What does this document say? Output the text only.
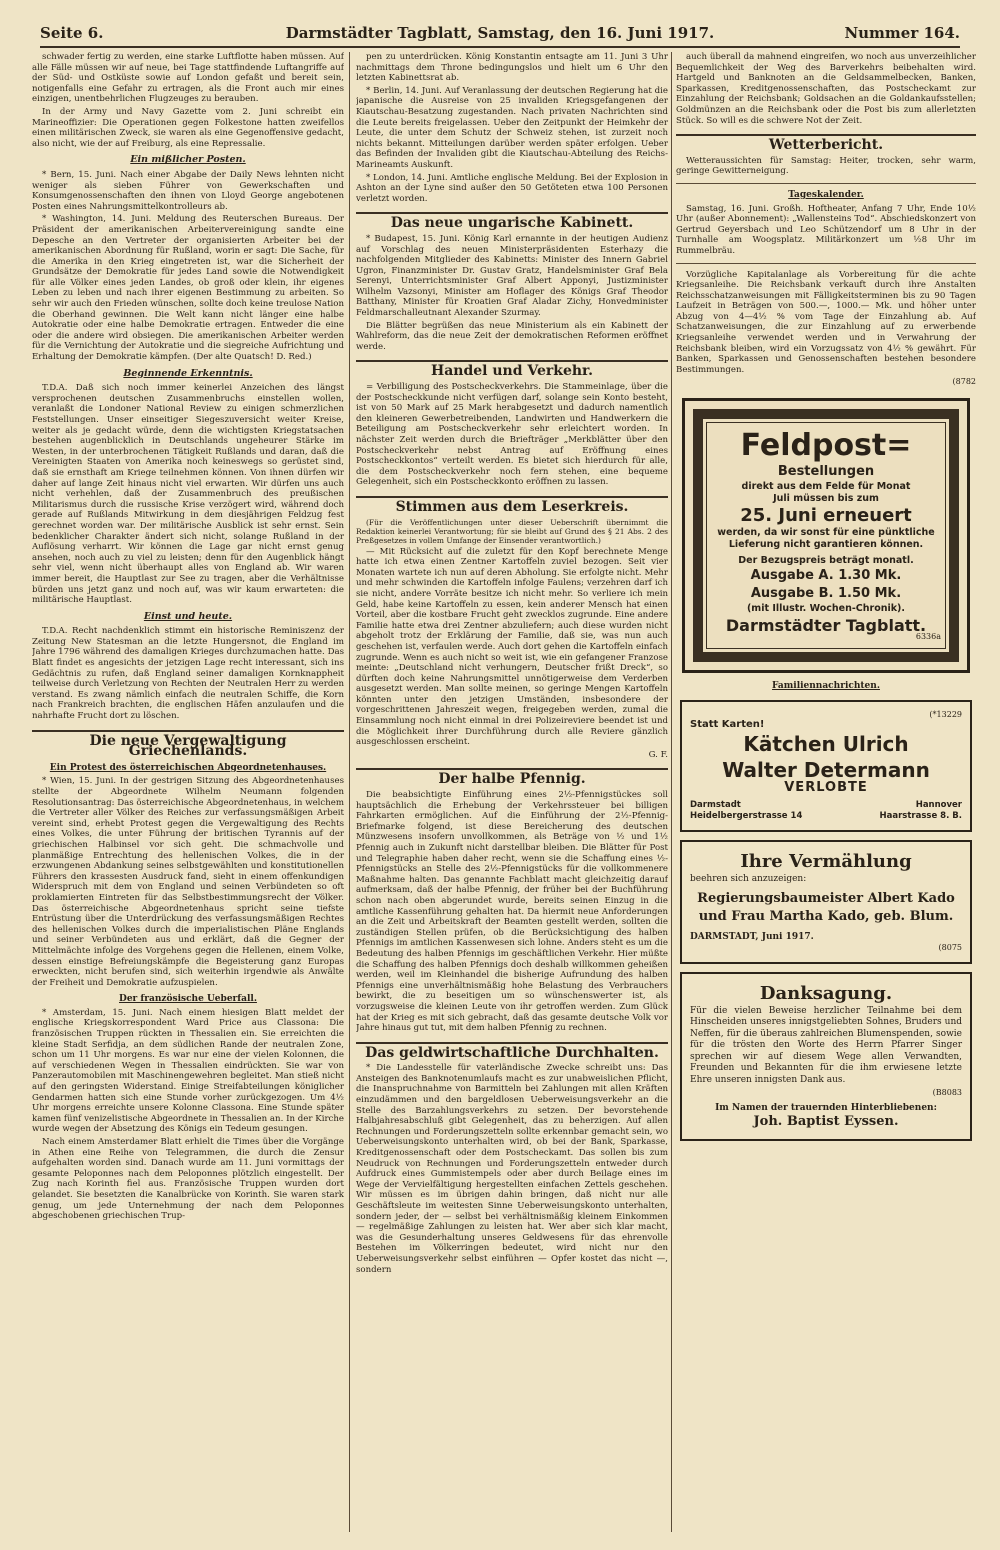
Seite 6.	Darmstädter Tagblatt, Samstag, den 16. Juni 1917.	Nummer 164.

schwader fertig zu werden, eine starke Luftflotte haben müssen. Auf alle Fälle müssen wir auf neue, bei Tage stattfindende Luftangriffe auf der Süd- und Ostküste sowie auf London gefaßt und bereit sein, notigenfalls eine Gefahr zu ertragen, als die Front auch mir eines einzigen, unentbehrlichen Flugzeuges zu berauben.

In der Army und Navy Gazette vom 2. Juni schreibt ein Marineoffizier: Die Operationen gegen Folkestone hatten zweifellos einen militärischen Zweck, sie waren als eine Gegenoffensive gedacht, also nicht, wie der auf Freiburg, als eine Repressalie.

Ein mißlicher Posten.

* Bern, 15. Juni. Nach einer Abgabe der Daily News lehnten nicht weniger als sieben Führer von Gewerkschaften und Konsumgenossenschaften den ihnen von Lloyd George angebotenen Posten eines Nahrungsmittelkontrolleurs ab.

* Washington, 14. Juni. Meldung des Reuterschen Bureaus. Der Präsident der amerikanischen Arbeitervereinigung sandte eine Depesche an den Vertreter der organisierten Arbeiter bei der amerikanischen Abordnung für Rußland, worin er sagt: Die Sache, für die Amerika in den Krieg eingetreten ist, war die Sicherheit der Grundsätze der Demokratie für jedes Land sowie die Notwendigkeit für alle Völker eines jeden Landes, ob groß oder klein, ihr eigenes Leben zu leben und nach ihrer eigenen Bestimmung zu arbeiten. So sehr wir auch den Frieden wünschen, sollte doch keine treulose Nation die Oberhand gewinnen. Die Welt kann nicht länger eine halbe Autokratie oder eine halbe Demokratie ertragen. Entweder die eine oder die andere wird obsiegen. Die amerikanischen Arbeiter werden für die Vernichtung der Autokratie und die siegreiche Aufrichtung und Erhaltung der Demokratie kämpfen. (Der alte Quatsch! D. Red.)

Beginnende Erkenntnis.

T.D.A. Daß sich noch immer keinerlei Anzeichen des längst versprochenen deutschen Zusammenbruchs einstellen wollen, veranlaßt die Londoner National Review zu einigen schmerzlichen Feststellungen. Unser einseitiger Siegeszuversicht weiter Kreise, weiter als je gedacht würde, denn die wichtigsten Kriegstatsachen bestehen augenblicklich in Deutschlands ungeheurer Stärke im Westen, in der unterbrochenen Tätigkeit Rußlands und daran, daß die Vereinigten Staaten von Amerika noch keineswegs so gerüstet sind, daß sie ernsthaft am Kriege teilnehmen können. Von ihnen dürfen wir daher auf lange Zeit hinaus nicht viel erwarten. Wir dürfen uns auch nicht verhehlen, daß der Zusammenbruch des preußischen Militarismus durch die russische Krise verzögert wird, während doch gerade auf Rußlands Mitwirkung in dem diesjährigen Feldzug fest gerechnet worden war. Der militärische Ausblick ist sehr ernst. Sein bedenklicher Charakter ändert sich nicht, solange Rußland in der Auflösung verharrt. Wir können die Lage gar nicht ernst genug ansehen, noch auch zu viel zu leisten; denn für den Augenblick hängt sehr viel, wenn nicht überhaupt alles von England ab. Wir waren immer bereit, die Hauptlast zur See zu tragen, aber die Verhältnisse bürden uns jetzt ganz und noch auf, was wir kaum erwarteten: die militärische Hauptlast.

Einst und heute.

T.D.A. Recht nachdenklich stimmt ein historische Reminiszenz der Zeitung New Statesman an die letzte Hungersnot, die England im Jahre 1796 während des damaligen Krieges durchzumachen hatte. Das Blatt findet es angesichts der jetzigen Lage recht interessant, sich ins Gedächtnis zu rufen, daß England seiner damaligen Kornknappheit teilweise durch Verletzung von Rechten der Neutralen Herr zu werden verstand. Es zwang nämlich einfach die neutralen Schiffe, die Korn nach Frankreich brachten, die englischen Häfen anzulaufen und die nahrhafte Frucht dort zu löschen.

Die neue Vergewaltigung Griechenlands.
Ein Protest des österreichischen Abgeordnetenhauses.

* Wien, 15. Juni. In der gestrigen Sitzung des Abgeordnetenhauses stellte der Abgeordnete Wilhelm Neumann folgenden Resolutionsantrag: Das österreichische Abgeordnetenhaus, in welchem die Vertreter aller Völker des Reiches zur verfassungsmäßigen Arbeit vereint sind, erhebt Protest gegen die Vergewaltigung des Rechts eines Volkes, die unter Führung der britischen Tyrannis auf der griechischen Halbinsel vor sich geht. Die schmachvolle und planmäßige Entrechtung des hellenischen Volkes, die in der erzwungenen Abdankung seines selbstgewählten und konstitutionellen Führers den krassesten Ausdruck fand, sieht in einem offenkundigen Widerspruch mit dem von England und seinen Verbündeten so oft proklamierten Eintreten für das Selbstbestimmungsrecht der Völker. Das österreichische Abgeordnetenhaus spricht seine tiefste Entrüstung über die Unterdrückung des verfassungsmäßigen Rechtes des hellenischen Volkes durch die imperialistischen Pläne Englands und seiner Verbündeten aus und erklärt, daß die Gegner der Mittelmächte infolge des Vorgehens gegen die Hellenen, einem Volke, dessen einstige Befreiungskämpfe die Begeisterung ganz Europas erweckten, nicht berufen sind, sich weiterhin irgendwie als Anwälte der Freiheit und Demokratie aufzuspielen.

Der französische Ueberfall.

* Amsterdam, 15. Juni. Nach einem hiesigen Blatt meldet der englische Kriegskorrespondent Ward Price aus Classona: Die französischen Truppen rückten in Thessalien ein. Sie erreichten die kleine Stadt Serfidja, an dem südlichen Rande der neutralen Zone, schon um 11 Uhr morgens. Es war nur eine der vielen Kolonnen, die auf verschiedenen Wegen in Thessalien eindrückten. Sie war von Panzerautomobilen mit Maschinengewehren begleitet. Man stieß nicht auf den geringsten Widerstand. Einige Streifabteilungen königlicher Gendarmen hatten sich eine Stunde vorher zurückgezogen. Um 4½ Uhr morgens erreichte unsere Kolonne Classona. Eine Stunde später kamen fünf venizelistische Abgeordnete in Thessalien an. In der Kirche wurde wegen der Absetzung des Königs ein Tedeum gesungen.

Nach einem Amsterdamer Blatt erhielt die Times über die Vorgänge in Athen eine Reihe von Telegrammen, die durch die Zensur aufgehalten worden sind. Danach wurde am 11. Juni vormittags der gesamte Peloponnes nach dem Peloponnes plötzlich eingestellt. Der Zug nach Korinth fiel aus. Französische Truppen wurden dort gelandet. Sie besetzten die Kanalbrücke von Korinth. Sie waren stark genug, um jede Unternehmung der nach dem Peloponnes abgeschobenen griechischen Trup-

pen zu unterdrücken. König Konstantin entsagte am 11. Juni 3 Uhr nachmittags dem Throne bedingungslos und hielt um 6 Uhr den letzten Kabinettsrat ab.

* Berlin, 14. Juni. Auf Veranlassung der deutschen Regierung hat die japanische die Ausreise von 25 invaliden Kriegsgefangenen der Kiautschau-Besatzung zugestanden. Nach privaten Nachrichten sind die Leute bereits freigelassen. Ueber den Zeitpunkt der Heimkehr der Leute, die unter dem Schutz der Schweiz stehen, ist zurzeit noch nichts bekannt. Mitteilungen darüber werden später erfolgen. Ueber das Befinden der Invaliden gibt die Kiautschau-Abteilung des Reichs-Marineamts Auskunft.

* London, 14. Juni. Amtliche englische Meldung. Bei der Explosion in Ashton an der Lyne sind außer den 50 Getöteten etwa 100 Personen verletzt worden.

Das neue ungarische Kabinett.

* Budapest, 15. Juni. König Karl ernannte in der heutigen Audienz auf Vorschlag des neuen Ministerpräsidenten Esterhazy die nachfolgenden Mitglieder des Kabinetts: Minister des Innern Gabriel Ugron, Finanzminister Dr. Gustav Gratz, Handelsminister Graf Bela Serenyi, Unterrichtsminister Graf Albert Apponyi, Justizminister Wilhelm Vazsonyi, Minister am Hoflager des Königs Graf Theodor Batthany, Minister für Kroatien Graf Aladar Zichy, Honvedminister Feldmarschalleutnant Alexander Szurmay.

Die Blätter begrüßen das neue Ministerium als ein Kabinett der Wahlreform, das die neue Zeit der demokratischen Reformen eröffnet werde.

Handel und Verkehr.

= Verbilligung des Postscheckverkehrs. Die Stammeinlage, über die der Postscheckkunde nicht verfügen darf, solange sein Konto besteht, ist von 50 Mark auf 25 Mark herabgesetzt und dadurch namentlich den kleineren Gewerbetreibenden, Landwirten und Handwerkern die Beteiligung am Postscheckverkehr sehr erleichtert worden. In nächster Zeit werden durch die Briefträger „Merkblätter über den Postscheckverkehr nebst Antrag auf Eröffnung eines Postscheckkontos“ verteilt werden. Es bietet sich hierdurch für alle, die dem Postscheckverkehr noch fern stehen, eine bequeme Gelegenheit, sich ein Postscheckkonto eröffnen zu lassen.

Stimmen aus dem Leserkreis.

(Für die Veröffentlichungen unter dieser Ueberschrift übernimmt die Redaktion keinerlei Verantwortung; für sie bleibt auf Grund des § 21 Abs. 2 des Preßgesetzes in vollem Umfange der Einsender verantwortlich.)

— Mit Rücksicht auf die zuletzt für den Kopf berechnete Menge hatte ich etwa einen Zentner Kartoffeln zuviel bezogen. Seit vier Monaten wartete ich nun auf deren Abholung. Sie erfolgte nicht. Mehr und mehr schwinden die Kartoffeln infolge Faulens; verzehren darf ich sie nicht, andere Vorräte besitze ich nicht mehr. So verliere ich mein Geld, habe keine Kartoffeln zu essen, kein anderer Mensch hat einen Vorteil, aber die kostbare Frucht geht zwecklos zugrunde. Eine andere Familie hatte etwa drei Zentner abzuliefern; auch diese wurden nicht abgeholt trotz der Erklärung der Familie, daß sie, was nun auch geschehen ist, verfaulen werde. Auch dort gehen die Kartoffeln einfach zugrunde. Wenn es auch nicht so weit ist, wie ein gefangener Franzose meinte: „Deutschland nicht verhungern, Deutscher frißt Dreck“, so dürften doch keine Nahrungsmittel unnötigerweise dem Verderben ausgesetzt werden. Man sollte meinen, so geringe Mengen Kartoffeln könnten unter den jetzigen Umständen, insbesondere der vorgeschrittenen Jahreszeit wegen, freigegeben werden, zumal die Einsammlung noch nicht einmal in drei Polizeireviere beendet ist und die Möglichkeit ihrer Durchführung durch alle Reviere gänzlich ausgeschlossen erscheint.

G. F.

Der halbe Pfennig.

Die beabsichtigte Einführung eines 2½-Pfennigstückes soll hauptsächlich die Erhebung der Verkehrssteuer bei billigen Fahrkarten ermöglichen. Auf die Einführung der 2½-Pfennig-Briefmarke folgend, ist diese Bereicherung des deutschen Münzwesens insofern unvollkommen, als Beträge von ½ und 1½ Pfennig auch in Zukunft nicht darstellbar bleiben. Die Blätter für Post und Telegraphie haben daher recht, wenn sie die Schaffung eines ½-Pfennigstücks an Stelle des 2½-Pfennigstücks für die vollkommenere Maßnahme halten. Das genannte Fachblatt macht gleichzeitig darauf aufmerksam, daß der halbe Pfennig, der früher bei der Buchführung schon nach oben abgerundet wurde, bereits seinen Einzug in die amtliche Kassenführung gehalten hat. Da hiermit neue Anforderungen an die Zeit und Arbeitskraft der Beamten gestellt werden, sollten die zuständigen Stellen prüfen, ob die Berücksichtigung des halben Pfennigs im amtlichen Kassenwesen sich lohne. Anders steht es um die Bedeutung des halben Pfennigs im geschäftlichen Verkehr. Hier müßte die Schaffung des halben Pfennigs doch deshalb willkommen geheißen werden, weil im Kleinhandel die bisherige Aufrundung des halben Pfennigs eine unverhältnismäßig hohe Belastung des Verbrauchers bewirkt, die zu beseitigen um so wünschenswerter ist, als vorzugsweise die kleinen Leute von ihr getroffen werden. Zum Glück hat der Krieg es mit sich gebracht, daß das gesamte deutsche Volk vor Jahre hinaus gut tut, mit dem halben Pfennig zu rechnen.

Das geldwirtschaftliche Durchhalten.

* Die Landesstelle für vaterländische Zwecke schreibt uns: Das Ansteigen des Banknotenumlaufs macht es zur unabweislichen Pflicht, die Inanspruchnahme von Barmitteln bei Zahlungen mit allen Kräften einzudämmen und den bargeldlosen Ueberweisungsverkehr an die Stelle des Barzahlungsverkehrs zu setzen. Der bevorstehende Halbjahresabschluß gibt Gelegenheit, das zu beherzigen. Auf allen Rechnungen und Forderungszetteln sollte erkennbar gemacht sein, wo Ueberweisungskonto unterhalten wird, ob bei der Bank, Sparkasse, Kreditgenossenschaft oder dem Postscheckamt. Das sollen bis zum Neudruck von Rechnungen und Forderungszetteln entweder durch Aufdruck eines Gummistempels oder aber durch Beilage eines im Wege der Vervielfältigung hergestellten einfachen Zettels geschehen. Wir müssen es im übrigen dahin bringen, daß nicht nur alle Geschäftsleute im weitesten Sinne Ueberweisungskonto unterhalten, sondern jeder, der — selbst bei verhältnismäßig kleinem Einkommen — regelmäßige Zahlungen zu leisten hat. Wer aber sich klar macht, was die Gesunderhaltung unseres Geldwesens für das ehrenvolle Bestehen im Völkerringen bedeutet, wird nicht nur den Ueberweisungsverkehr selbst einführen — Opfer kostet das nicht —, sondern

auch überall da mahnend eingreifen, wo noch aus unverzeihlicher Bequemlichkeit der Weg des Barverkehrs beibehalten wird. Hartgeld und Banknoten an die Geldsammelbecken, Banken, Sparkassen, Kreditgenossenschaften, das Postscheckamt zur Einzahlung der Reichsbank; Goldsachen an die Goldankaufsstellen; Goldmünzen an die Reichsbank oder die Post bis zum allerletzten Stück. So will es die schwere Not der Zeit.

Wetterbericht.

Wetteraussichten für Samstag: Heiter, trocken, sehr warm, geringe Gewitterneigung.

Tageskalender.

Samstag, 16. Juni. Großh. Hoftheater, Anfang 7 Uhr, Ende 10½ Uhr (außer Abonnement): „Wallensteins Tod“. Abschiedskonzert von Gertrud Geyersbach und Leo Schützendorf um 8 Uhr in der Turnhalle am Woogsplatz. Militärkonzert um ½8 Uhr im Rummelbräu.

Vorzügliche Kapitalanlage als Vorbereitung für die achte Kriegsanleihe. Die Reichsbank verkauft durch ihre Anstalten Reichsschatzanweisungen mit Fälligkeitsterminen bis zu 90 Tagen Laufzeit in Beträgen von 500.—, 1000.— Mk. und höher unter Abzug von 4—4½ % vom Tage der Einzahlung ab. Auf Schatzanweisungen, die zur Einzahlung auf zu erwerbende Kriegsanleihe verwendet werden und in Verwahrung der Reichsbank bleiben, wird ein Vorzugssatz von 4½ % gewährt. Für Banken, Sparkassen und Genossenschaften bestehen besondere Bestimmungen.

(8782

Feldpost=
Bestellungen
direkt aus dem Felde für Monat
Juli müssen bis zum
25. Juni erneuert
werden, da wir sonst für eine pünktliche Lieferung nicht garantieren können.
Der Bezugspreis beträgt monatl.
Ausgabe A. 1.30 Mk.
Ausgabe B. 1.50 Mk.
(mit Illustr. Wochen-Chronik).
Darmstädter Tagblatt.
6336a
Familiennachrichten.
(*13229
Statt Karten!
Kätchen Ulrich
Walter Determann
VERLOBTE
Darmstadt	Hannover
Heidelbergerstrasse 14	Haarstrasse 8. B.
Ihre Vermählung
beehren sich anzuzeigen:
Regierungsbaumeister Albert Kado
und Frau Martha Kado, geb. Blum.
DARMSTADT, Juni 1917.
(8075
Danksagung.

Für die vielen Beweise herzlicher Teilnahme bei dem Hinscheiden unseres innigstgeliebten Sohnes, Bruders und Neffen, für die überaus zahlreichen Blumenspenden, sowie für die trösten den Worte des Herrn Pfarrer Singer sprechen wir auf diesem Wege allen Verwandten, Freunden und Bekannten für die ihm erwiesene letzte Ehre unseren innigsten Dank aus.

(B8083
Im Namen der trauernden Hinterbliebenen:
Joh. Baptist Eyssen.
